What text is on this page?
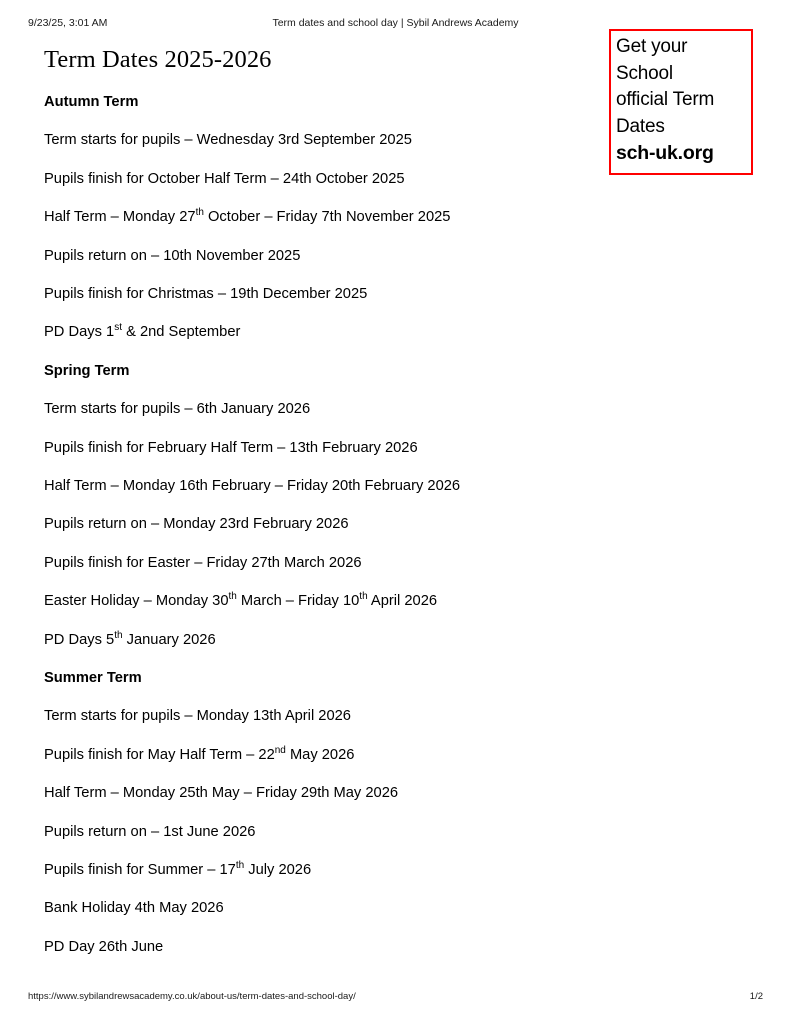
9/23/25, 3:01 AM	Term dates and school day | Sybil Andrews Academy
Get your
School
official Term
Dates
sch-uk.org
Term Dates 2025-2026
Autumn Term
Term starts for pupils – Wednesday 3rd September 2025
Pupils finish for October Half Term – 24th October 2025
Half Term – Monday 27th October – Friday 7th November 2025
Pupils return on – 10th November 2025
Pupils finish for Christmas – 19th December 2025
PD Days 1st & 2nd September
Spring Term
Term starts for pupils – 6th January 2026
Pupils finish for February Half Term – 13th February 2026
Half Term – Monday 16th February – Friday 20th February 2026
Pupils return on – Monday 23rd February 2026
Pupils finish for Easter – Friday 27th March 2026
Easter Holiday – Monday 30th March – Friday 10th April 2026
PD Days 5th January 2026
Summer Term
Term starts for pupils – Monday 13th April 2026
Pupils finish for May Half Term – 22nd May 2026
Half Term – Monday 25th May – Friday 29th May 2026
Pupils return on – 1st June 2026
Pupils finish for Summer – 17th July 2026
Bank Holiday 4th May 2026
PD Day 26th June
https://www.sybilandrewsacademy.co.uk/about-us/term-dates-and-school-day/	1/2
